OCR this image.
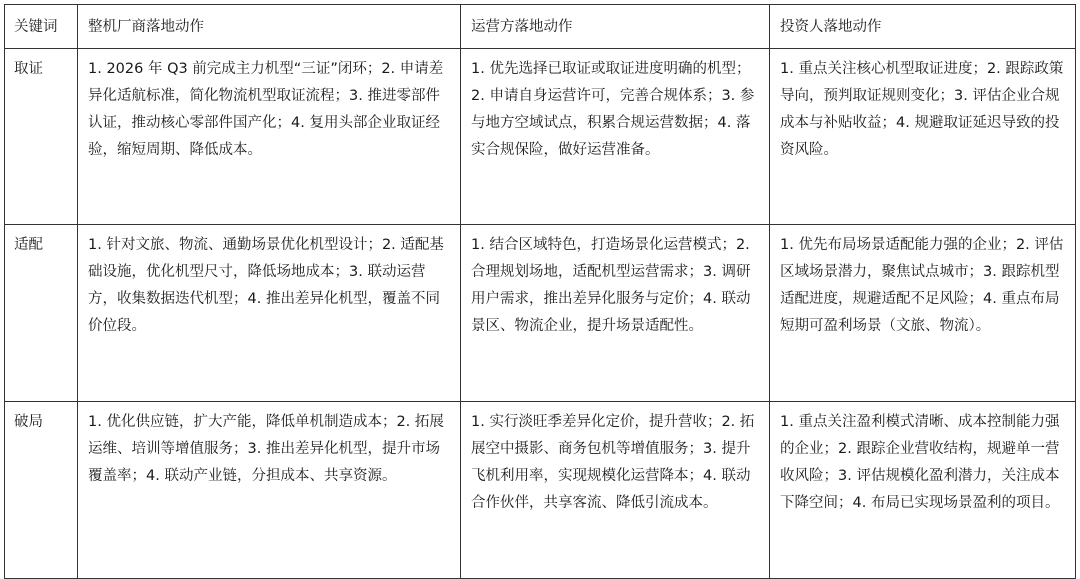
关键词	整机厂商落地动作	运营方落地动作	投资人落地动作
取证	1. 2026 年 Q3 前完成主力机型“三证”闭环；2. 申请差异化适航标准，简化物流机型取证流程；3. 推进零部件认证，推动核心零部件国产化；4. 复用头部企业取证经验，缩短周期、降低成本。	1. 优先选择已取证或取证进度明确的机型；2. 申请自身运营许可，完善合规体系；3. 参与地方空域试点，积累合规运营数据；4. 落实合规保险，做好运营准备。	1. 重点关注核心机型取证进度；2. 跟踪政策导向，预判取证规则变化；3. 评估企业合规成本与补贴收益；4. 规避取证延迟导致的投资风险。
适配	1. 针对文旅、物流、通勤场景优化机型设计；2. 适配基础设施，优化机型尺寸，降低场地成本；3. 联动运营方，收集数据迭代机型；4. 推出差异化机型，覆盖不同价位段。	1. 结合区域特色，打造场景化运营模式；2. 合理规划场地，适配机型运营需求；3. 调研用户需求，推出差异化服务与定价；4. 联动景区、物流企业，提升场景适配性。	1. 优先布局场景适配能力强的企业；2. 评估区域场景潜力，聚焦试点城市；3. 跟踪机型适配进度，规避适配不足风险；4. 重点布局短期可盈利场景（文旅、物流）。
破局	1. 优化供应链，扩大产能，降低单机制造成本；2. 拓展运维、培训等增值服务；3. 推出差异化机型，提升市场覆盖率；4. 联动产业链，分担成本、共享资源。	1. 实行淡旺季差异化定价，提升营收；2. 拓展空中摄影、商务包机等增值服务；3. 提升飞机利用率，实现规模化运营降本；4. 联动合作伙伴，共享客流、降低引流成本。	1. 重点关注盈利模式清晰、成本控制能力强的企业；2. 跟踪企业营收结构，规避单一营收风险；3. 评估规模化盈利潜力，关注成本下降空间；4. 布局已实现场景盈利的项目。
